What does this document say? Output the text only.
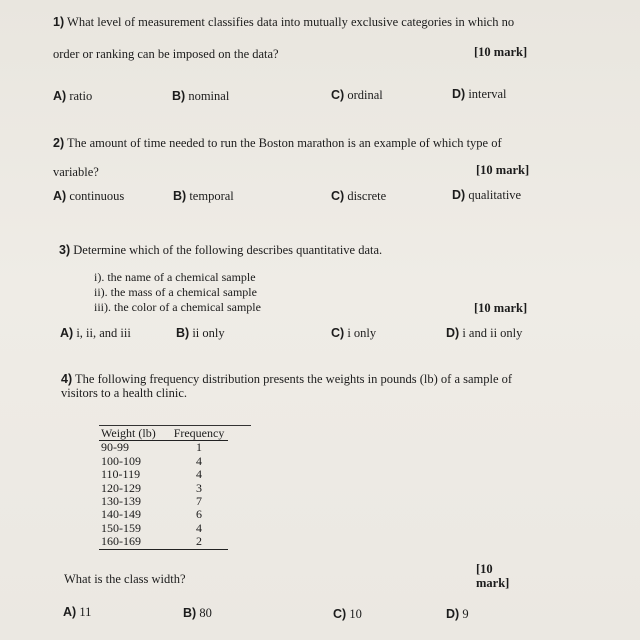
1) What level of measurement classifies data into mutually exclusive categories in which no
order or ranking can be imposed on the data?	[10 mark]
A) ratio	B) nominal	C) ordinal	D) interval
2) The amount of time needed to run the Boston marathon is an example of which type of
variable?	[10 mark]
A) continuous	B) temporal	C) discrete	D) qualitative
3) Determine which of the following describes quantitative data.
i). the name of a chemical sample
ii). the mass of a chemical sample
iii). the color of a chemical sample	[10 mark]
A) i, ii, and iii	B) ii only	C) i only	D) i and ii only
4) The following frequency distribution presents the weights in pounds (lb) of a sample of
visitors to a health clinic.
Weight (lb)	Frequency
90-99	1
100-109	4
110-119	4
120-129	3
130-139	7
140-149	6
150-159	4
160-169	2
What is the class width?
[10
mark]
A) 11	B) 80	C) 10	D) 9
